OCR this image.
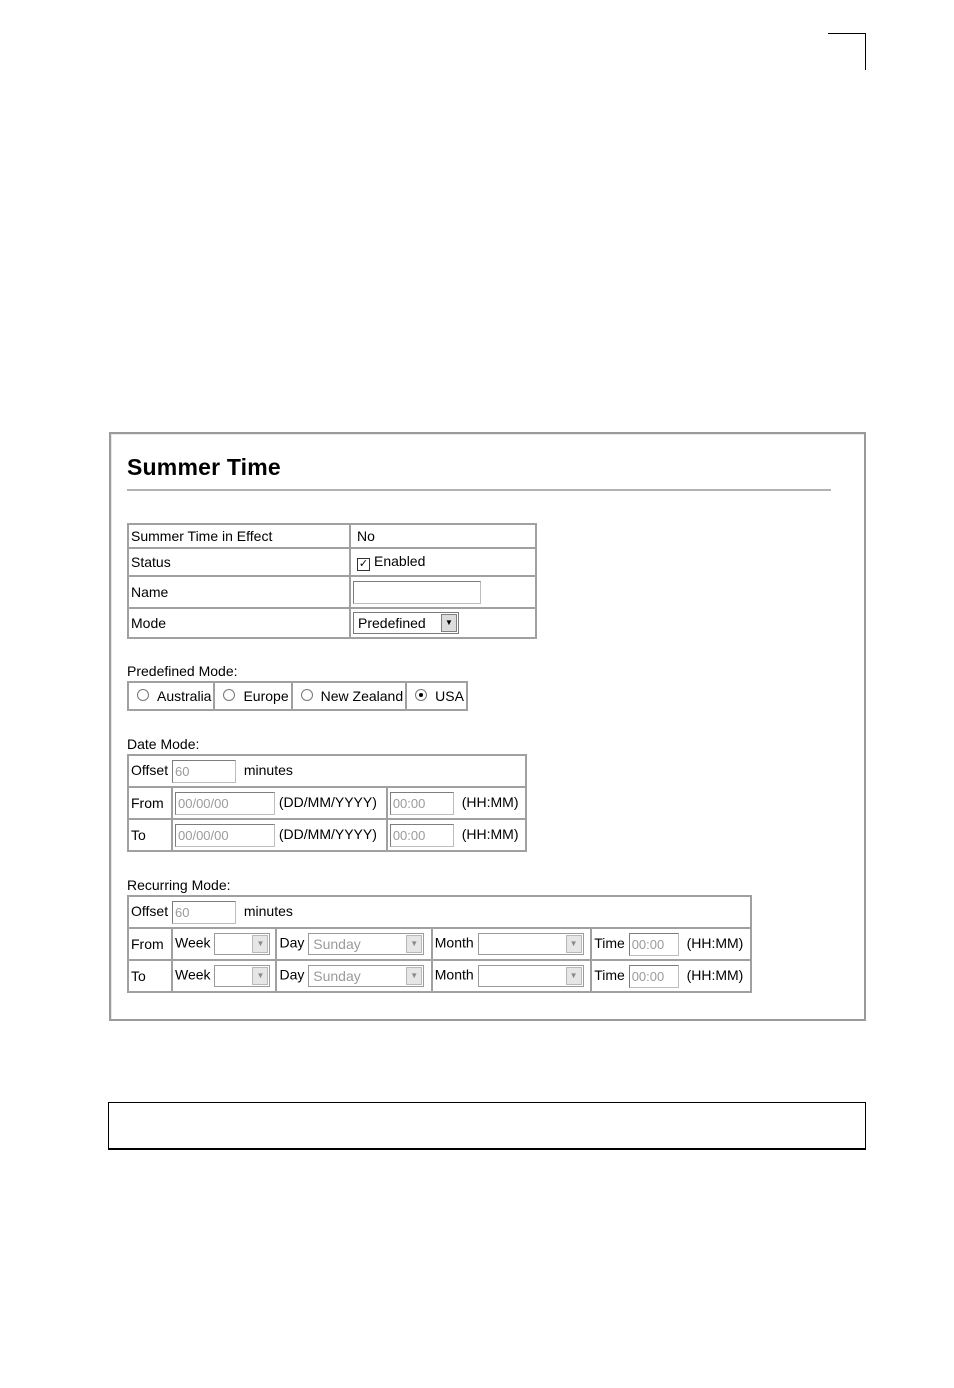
Summer Time
Summer Time in Effect	No
Status	✓ Enabled
Name	
Mode	Predefined ▼
Predefined Mode:
Australia	Europe	New Zealand	USA
Date Mode:
Offset 60 minutes		
From	00/00/00 (DD/MM/YYYY)	00:00 (HH:MM)
To	00/00/00 (DD/MM/YYYY)	00:00 (HH:MM)
Recurring Mode:
Offset 60 minutes				
From	Week ▼	Day Sunday ▼	Month ▼	Time 00:00 (HH:MM)
To	Week ▼	Day Sunday ▼	Month ▼	Time 00:00 (HH:MM)
